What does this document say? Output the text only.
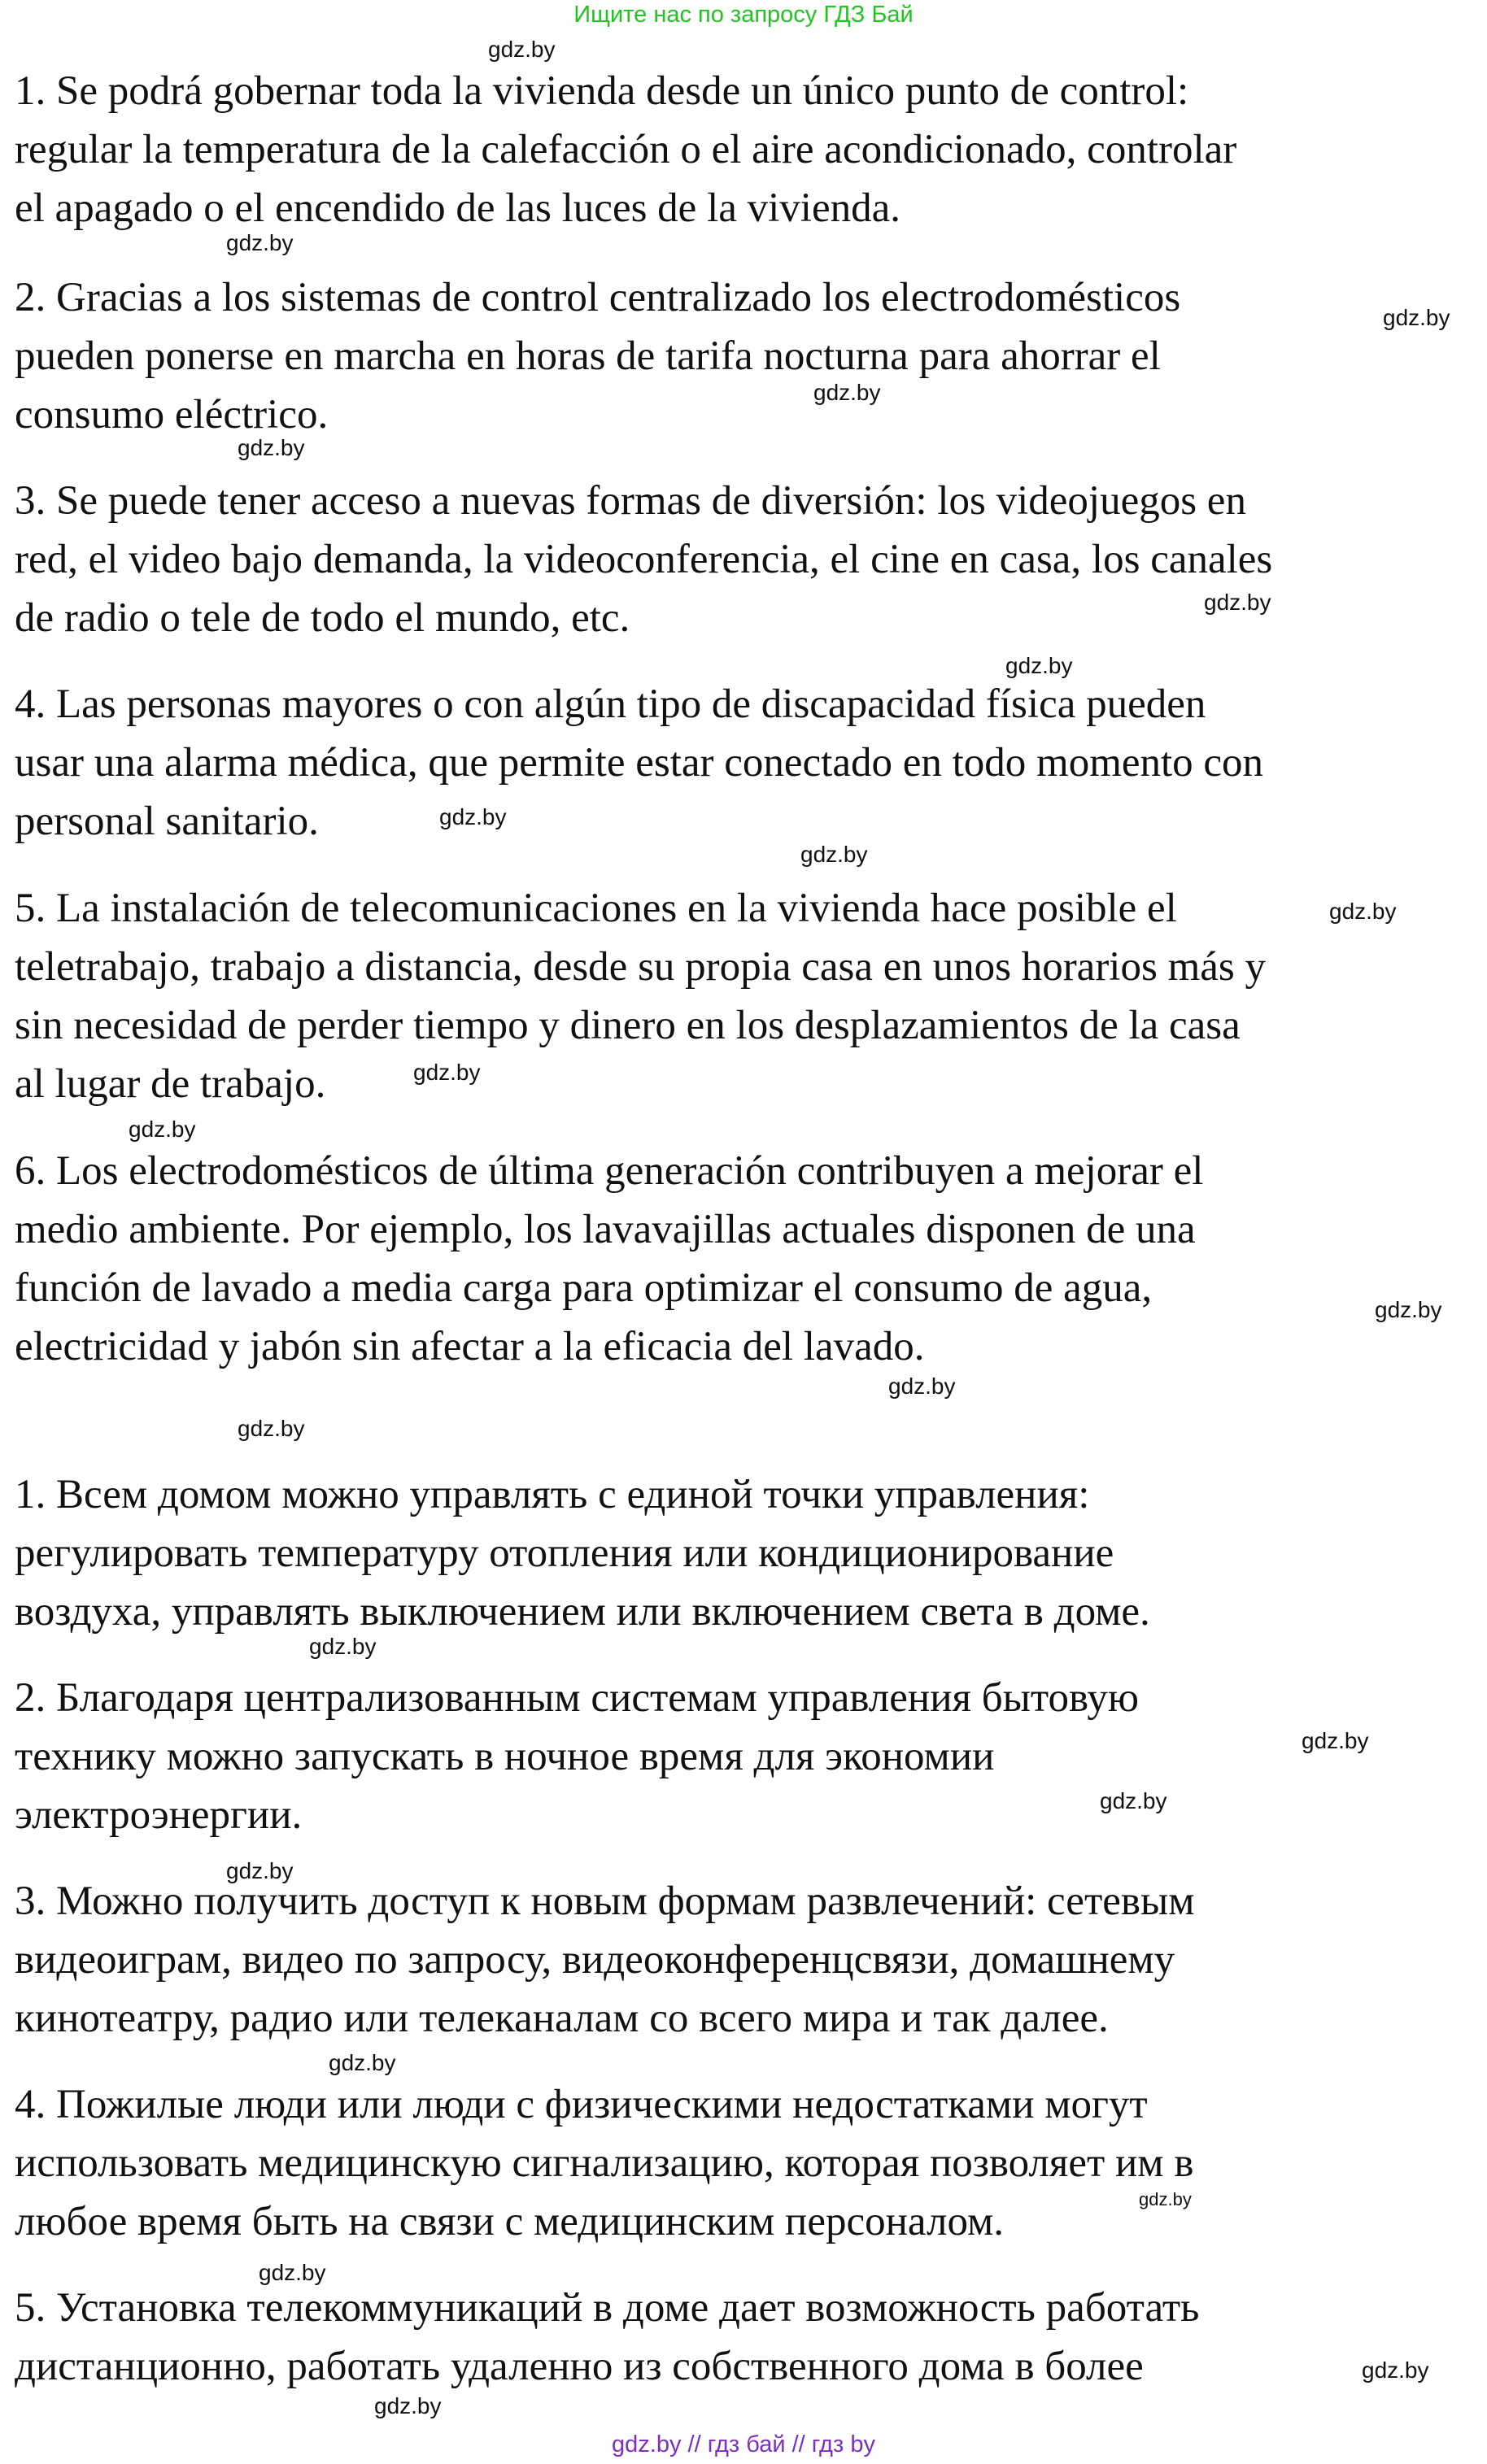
Ищите нас по запросу ГДЗ Бай
1. Se podrá gobernar toda la vivienda desde un único punto de control:
regular la temperatura de la calefacción o el aire acondicionado, controlar
el apagado o el encendido de las luces de la vivienda.
2. Gracias a los sistemas de control centralizado los electrodomésticos
pueden ponerse en marcha en horas de tarifa nocturna para ahorrar el
consumo eléctrico.
3. Se puede tener acceso a nuevas formas de diversión: los videojuegos en
red, el video bajo demanda, la videoconferencia, el cine en casa, los canales
de radio o tele de todo el mundo, etc.
4. Las personas mayores o con algún tipo de discapacidad física pueden
usar una alarma médica, que permite estar conectado en todo momento con
personal sanitario.
5. La instalación de telecomunicaciones en la vivienda hace posible el
teletrabajo, trabajo a distancia, desde su propia casa en unos horarios más y
sin necesidad de perder tiempo y dinero en los desplazamientos de la casa
al lugar de trabajo.
6. Los electrodomésticos de última generación contribuyen a mejorar el
medio ambiente. Por ejemplo, los lavavajillas actuales disponen de una
función de lavado a media carga para optimizar el consumo de agua,
electricidad y jabón sin afectar a la eficacia del lavado.
1. Всем домом можно управлять с единой точки управления:
регулировать температуру отопления или кондиционирование
воздуха, управлять выключением или включением света в доме.
2. Благодаря централизованным системам управления бытовую
технику можно запускать в ночное время для экономии
электроэнергии.
3. Можно получить доступ к новым формам развлечений: сетевым
видеоиграм, видео по запросу, видеоконференцсвязи, домашнему
кинотеатру, радио или телеканалам со всего мира и так далее.
4. Пожилые люди или люди с физическими недостатками могут
использовать медицинскую сигнализацию, которая позволяет им в
любое время быть на связи с медицинским персоналом.
5. Установка телекоммуникаций в доме дает возможность работать
дистанционно, работать удаленно из собственного дома в более
gdz.by
gdz.by
gdz.by
gdz.by
gdz.by
gdz.by
gdz.by
gdz.by
gdz.by
gdz.by
gdz.by
gdz.by
gdz.by
gdz.by
gdz.by
gdz.by
gdz.by
gdz.by
gdz.by
gdz.by
gdz.by
gdz.by
gdz.by
gdz.by
gdz.by // гдз бай // гдз by
